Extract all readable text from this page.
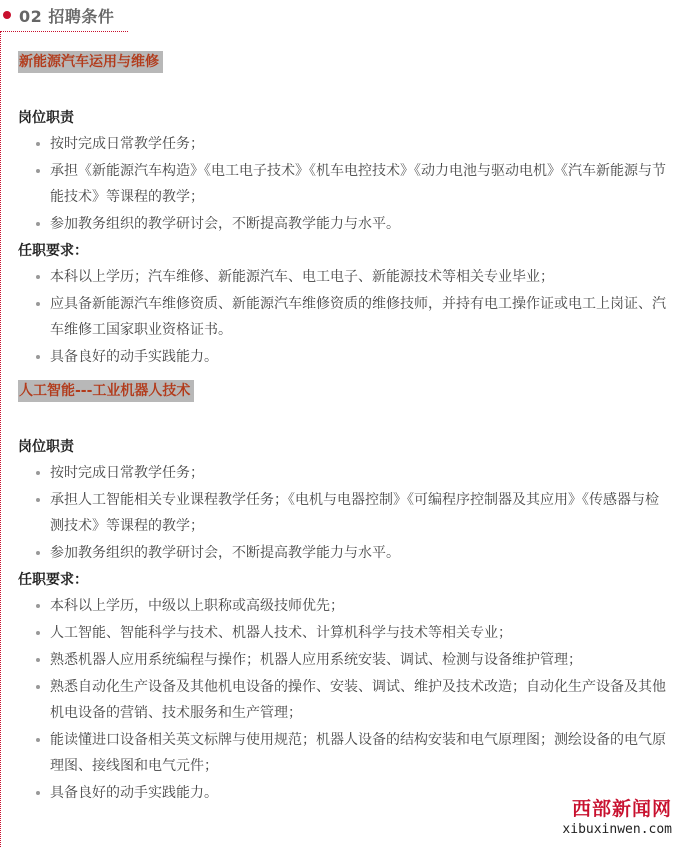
02 招聘条件
新能源汽车运用与维修
岗位职责
按时完成日常教学任务；
承担《新能源汽车构造》《电工电子技术》《机车电控技术》《动力电池与驱动电机》《汽车新能源与节能技术》等课程的教学；
参加教务组织的教学研讨会，不断提高教学能力与水平。
任职要求：
本科以上学历；汽车维修、新能源汽车、电工电子、新能源技术等相关专业毕业；
应具备新能源汽车维修资质、新能源汽车维修资质的维修技师，并持有电工操作证或电工上岗证、汽车维修工国家职业资格证书。
具备良好的动手实践能力。
人工智能---工业机器人技术
岗位职责
按时完成日常教学任务；
承担人工智能相关专业课程教学任务；《电机与电器控制》《可编程序控制器及其应用》《传感器与检测技术》等课程的教学；
参加教务组织的教学研讨会，不断提高教学能力与水平。
任职要求：
本科以上学历，中级以上职称或高级技师优先；
人工智能、智能科学与技术、机器人技术、计算机科学与技术等相关专业；
熟悉机器人应用系统编程与操作；机器人应用系统安装、调试、检测与设备维护管理；
熟悉自动化生产设备及其他机电设备的操作、安装、调试、维护及技术改造；自动化生产设备及其他机电设备的营销、技术服务和生产管理；
能读懂进口设备相关英文标牌与使用规范；机器人设备的结构安装和电气原理图；测绘设备的电气原理图、接线图和电气元件；
具备良好的动手实践能力。
西部新闻网
xibuxinwen.com
